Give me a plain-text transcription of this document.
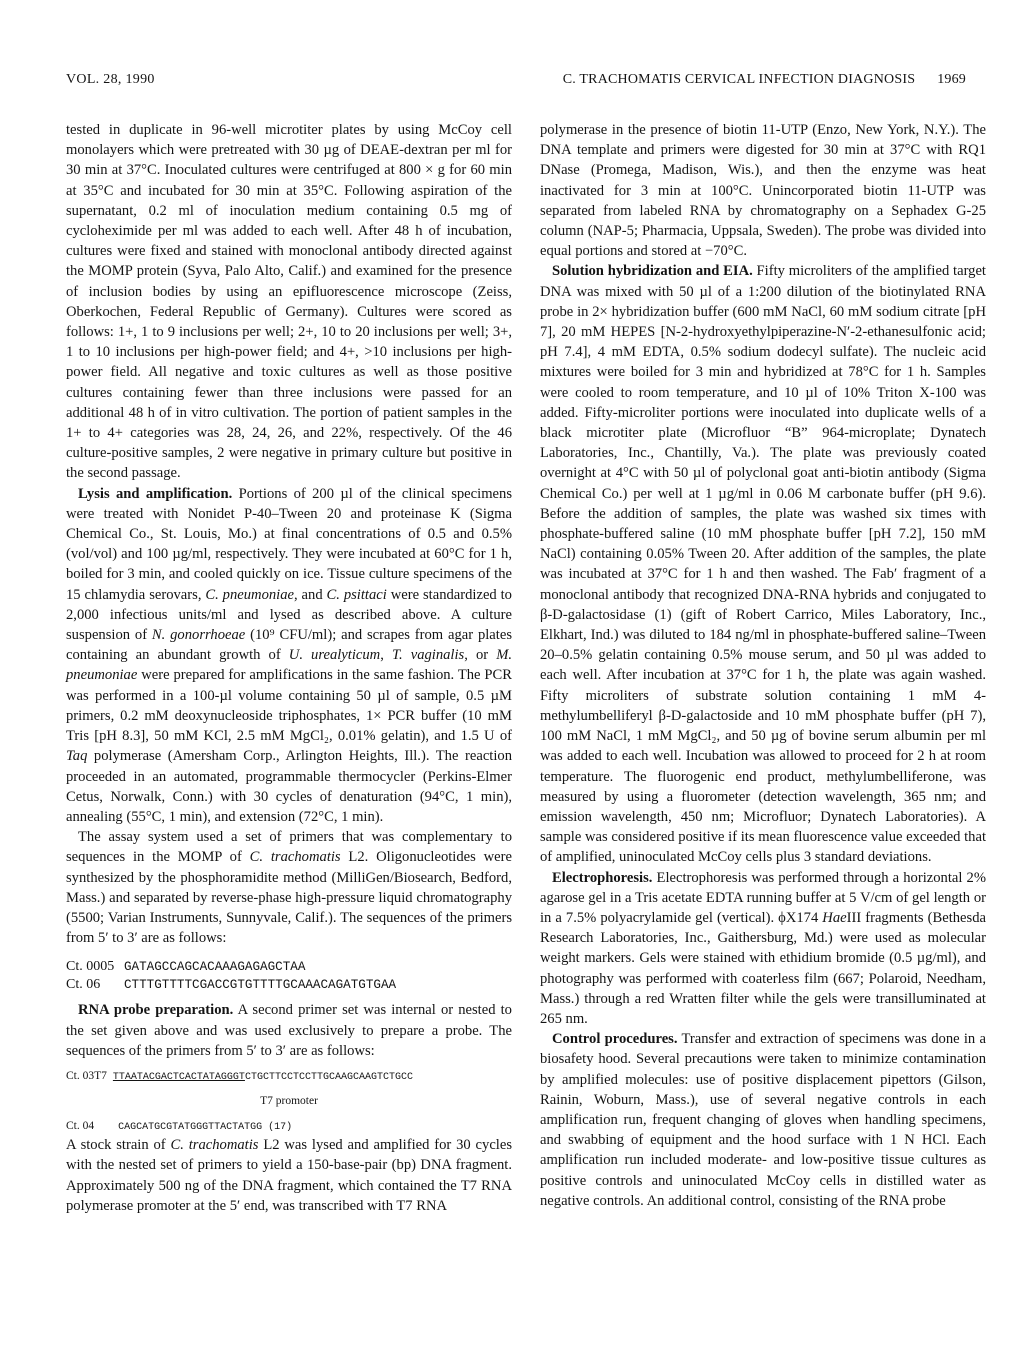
VOL. 28, 1990	C. TRACHOMATIS CERVICAL INFECTION DIAGNOSIS 1969

tested in duplicate in 96-well microtiter plates by using McCoy cell monolayers which were pretreated with 30 µg of DEAE-dextran per ml for 30 min at 37°C. Inoculated cultures were centrifuged at 800 × g for 60 min at 35°C and incubated for 30 min at 35°C. Following aspiration of the supernatant, 0.2 ml of inoculation medium containing 0.5 mg of cycloheximide per ml was added to each well. After 48 h of incubation, cultures were fixed and stained with monoclonal antibody directed against the MOMP protein (Syva, Palo Alto, Calif.) and examined for the presence of inclusion bodies by using an epifluorescence microscope (Zeiss, Oberkochen, Federal Republic of Germany). Cultures were scored as follows: 1+, 1 to 9 inclusions per well; 2+, 10 to 20 inclusions per well; 3+, 1 to 10 inclusions per high-power field; and 4+, >10 inclusions per high-power field. All negative and toxic cultures as well as those positive cultures containing fewer than three inclusions were passed for an additional 48 h of in vitro cultivation. The portion of patient samples in the 1+ to 4+ categories was 28, 24, 26, and 22%, respectively. Of the 46 culture-positive samples, 2 were negative in primary culture but positive in the second passage.

Lysis and amplification. Portions of 200 µl of the clinical specimens were treated with Nonidet P-40–Tween 20 and proteinase K (Sigma Chemical Co., St. Louis, Mo.) at final concentrations of 0.5 and 0.5% (vol/vol) and 100 µg/ml, respectively. They were incubated at 60°C for 1 h, boiled for 3 min, and cooled quickly on ice. Tissue culture specimens of the 15 chlamydia serovars, C. pneumoniae, and C. psittaci were standardized to 2,000 infectious units/ml and lysed as described above. A culture suspension of N. gonorrhoeae (10⁹ CFU/ml); and scrapes from agar plates containing an abundant growth of U. urealyticum, T. vaginalis, or M. pneumoniae were prepared for amplifications in the same fashion. The PCR was performed in a 100-µl volume containing 50 µl of sample, 0.5 µM primers, 0.2 mM deoxynucleoside triphosphates, 1× PCR buffer (10 mM Tris [pH 8.3], 50 mM KCl, 2.5 mM MgCl₂, 0.01% gelatin), and 1.5 U of Taq polymerase (Amersham Corp., Arlington Heights, Ill.). The reaction proceeded in an automated, programmable thermocycler (Perkins-Elmer Cetus, Norwalk, Conn.) with 30 cycles of denaturation (94°C, 1 min), annealing (55°C, 1 min), and extension (72°C, 1 min).

The assay system used a set of primers that was complementary to sequences in the MOMP of C. trachomatis L2. Oligonucleotides were synthesized by the phosphoramidite method (MilliGen/Biosearch, Bedford, Mass.) and separated by reverse-phase high-pressure liquid chromatography (5500; Varian Instruments, Sunnyvale, Calif.). The sequences of the primers from 5′ to 3′ are as follows:

Ct. 0005 GATAGCCAGCACAAAGAGAGCTAA
Ct. 06 CTTTGTTTTCGACCGTGTTTTGCAAACAGATGTGAA

RNA probe preparation. A second primer set was internal or nested to the set given above and was used exclusively to prepare a probe. The sequences of the primers from 5′ to 3′ are as follows:

Ct. 03T7 TTAATACGACTCACTATAGGGTCTGCTTCCTCCTTGCAAGCAAGTCTGCC
T7 promoter
Ct. 04 CAGCATGCGTATGGGTTACTATGG (17)

A stock strain of C. trachomatis L2 was lysed and amplified for 30 cycles with the nested set of primers to yield a 150-base-pair (bp) DNA fragment. Approximately 500 ng of the DNA fragment, which contained the T7 RNA polymerase promoter at the 5′ end, was transcribed with T7 RNA

polymerase in the presence of biotin 11-UTP (Enzo, New York, N.Y.). The DNA template and primers were digested for 30 min at 37°C with RQ1 DNase (Promega, Madison, Wis.), and then the enzyme was heat inactivated for 3 min at 100°C. Unincorporated biotin 11-UTP was separated from labeled RNA by chromatography on a Sephadex G-25 column (NAP-5; Pharmacia, Uppsala, Sweden). The probe was divided into equal portions and stored at −70°C.

Solution hybridization and EIA. Fifty microliters of the amplified target DNA was mixed with 50 µl of a 1:200 dilution of the biotinylated RNA probe in 2× hybridization buffer (600 mM NaCl, 60 mM sodium citrate [pH 7], 20 mM HEPES [N-2-hydroxyethylpiperazine-N′-2-ethanesulfonic acid; pH 7.4], 4 mM EDTA, 0.5% sodium dodecyl sulfate). The nucleic acid mixtures were boiled for 3 min and hybridized at 78°C for 1 h. Samples were cooled to room temperature, and 10 µl of 10% Triton X-100 was added. Fifty-microliter portions were inoculated into duplicate wells of a black microtiter plate (Microfluor “B” 964-microplate; Dynatech Laboratories, Inc., Chantilly, Va.). The plate was previously coated overnight at 4°C with 50 µl of polyclonal goat anti-biotin antibody (Sigma Chemical Co.) per well at 1 µg/ml in 0.06 M carbonate buffer (pH 9.6). Before the addition of samples, the plate was washed six times with phosphate-buffered saline (10 mM phosphate buffer [pH 7.2], 150 mM NaCl) containing 0.05% Tween 20. After addition of the samples, the plate was incubated at 37°C for 1 h and then washed. The Fab′ fragment of a monoclonal antibody that recognized DNA-RNA hybrids and conjugated to β-D-galactosidase (1) (gift of Robert Carrico, Miles Laboratory, Inc., Elkhart, Ind.) was diluted to 184 ng/ml in phosphate-buffered saline–Tween 20–0.5% gelatin containing 0.5% mouse serum, and 50 µl was added to each well. After incubation at 37°C for 1 h, the plate was again washed. Fifty microliters of substrate solution containing 1 mM 4-methylumbelliferyl β-D-galactoside and 10 mM phosphate buffer (pH 7), 100 mM NaCl, 1 mM MgCl₂, and 50 µg of bovine serum albumin per ml was added to each well. Incubation was allowed to proceed for 2 h at room temperature. The fluorogenic end product, methylumbelliferone, was measured by using a fluorometer (detection wavelength, 365 nm; and emission wavelength, 450 nm; Microfluor; Dynatech Laboratories). A sample was considered positive if its mean fluorescence value exceeded that of amplified, uninoculated McCoy cells plus 3 standard deviations.

Electrophoresis. Electrophoresis was performed through a horizontal 2% agarose gel in a Tris acetate EDTA running buffer at 5 V/cm of gel length or in a 7.5% polyacrylamide gel (vertical). ϕX174 HaeIII fragments (Bethesda Research Laboratories, Inc., Gaithersburg, Md.) were used as molecular weight markers. Gels were stained with ethidium bromide (0.5 µg/ml), and photography was performed with coaterless film (667; Polaroid, Needham, Mass.) through a red Wratten filter while the gels were transilluminated at 265 nm.

Control procedures. Transfer and extraction of specimens was done in a biosafety hood. Several precautions were taken to minimize contamination by amplified molecules: use of positive displacement pipettors (Gilson, Rainin, Woburn, Mass.), use of several negative controls in each amplification run, frequent changing of gloves when handling specimens, and swabbing of equipment and the hood surface with 1 N HCl. Each amplification run included moderate- and low-positive tissue cultures as positive controls and uninoculated McCoy cells in distilled water as negative controls. An additional control, consisting of the RNA probe
